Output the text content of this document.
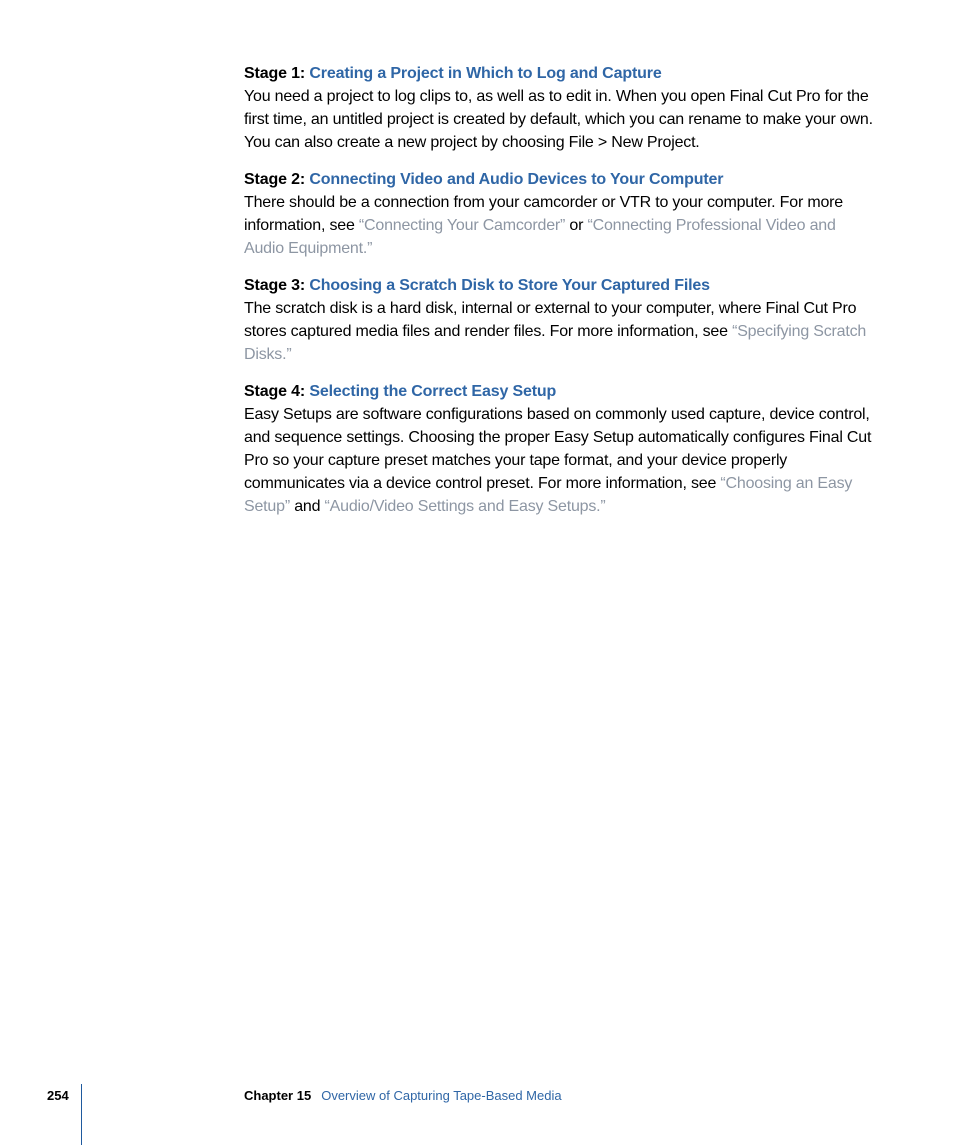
Stage 1: Creating a Project in Which to Log and Capture

You need a project to log clips to, as well as to edit in. When you open Final Cut Pro for the first time, an untitled project is created by default, which you can rename to make your own. You can also create a new project by choosing File > New Project.

Stage 2: Connecting Video and Audio Devices to Your Computer

There should be a connection from your camcorder or VTR to your computer. For more information, see “Connecting Your Camcorder” or “Connecting Professional Video and Audio Equipment.”

Stage 3: Choosing a Scratch Disk to Store Your Captured Files

The scratch disk is a hard disk, internal or external to your computer, where Final Cut Pro stores captured media files and render files. For more information, see “Specifying Scratch Disks.”

Stage 4: Selecting the Correct Easy Setup

Easy Setups are software configurations based on commonly used capture, device control, and sequence settings. Choosing the proper Easy Setup automatically configures Final Cut Pro so your capture preset matches your tape format, and your device properly communicates via a device control preset. For more information, see “Choosing an Easy Setup” and “Audio/Video Settings and Easy Setups.”

254	Chapter 15 Overview of Capturing Tape-Based Media
